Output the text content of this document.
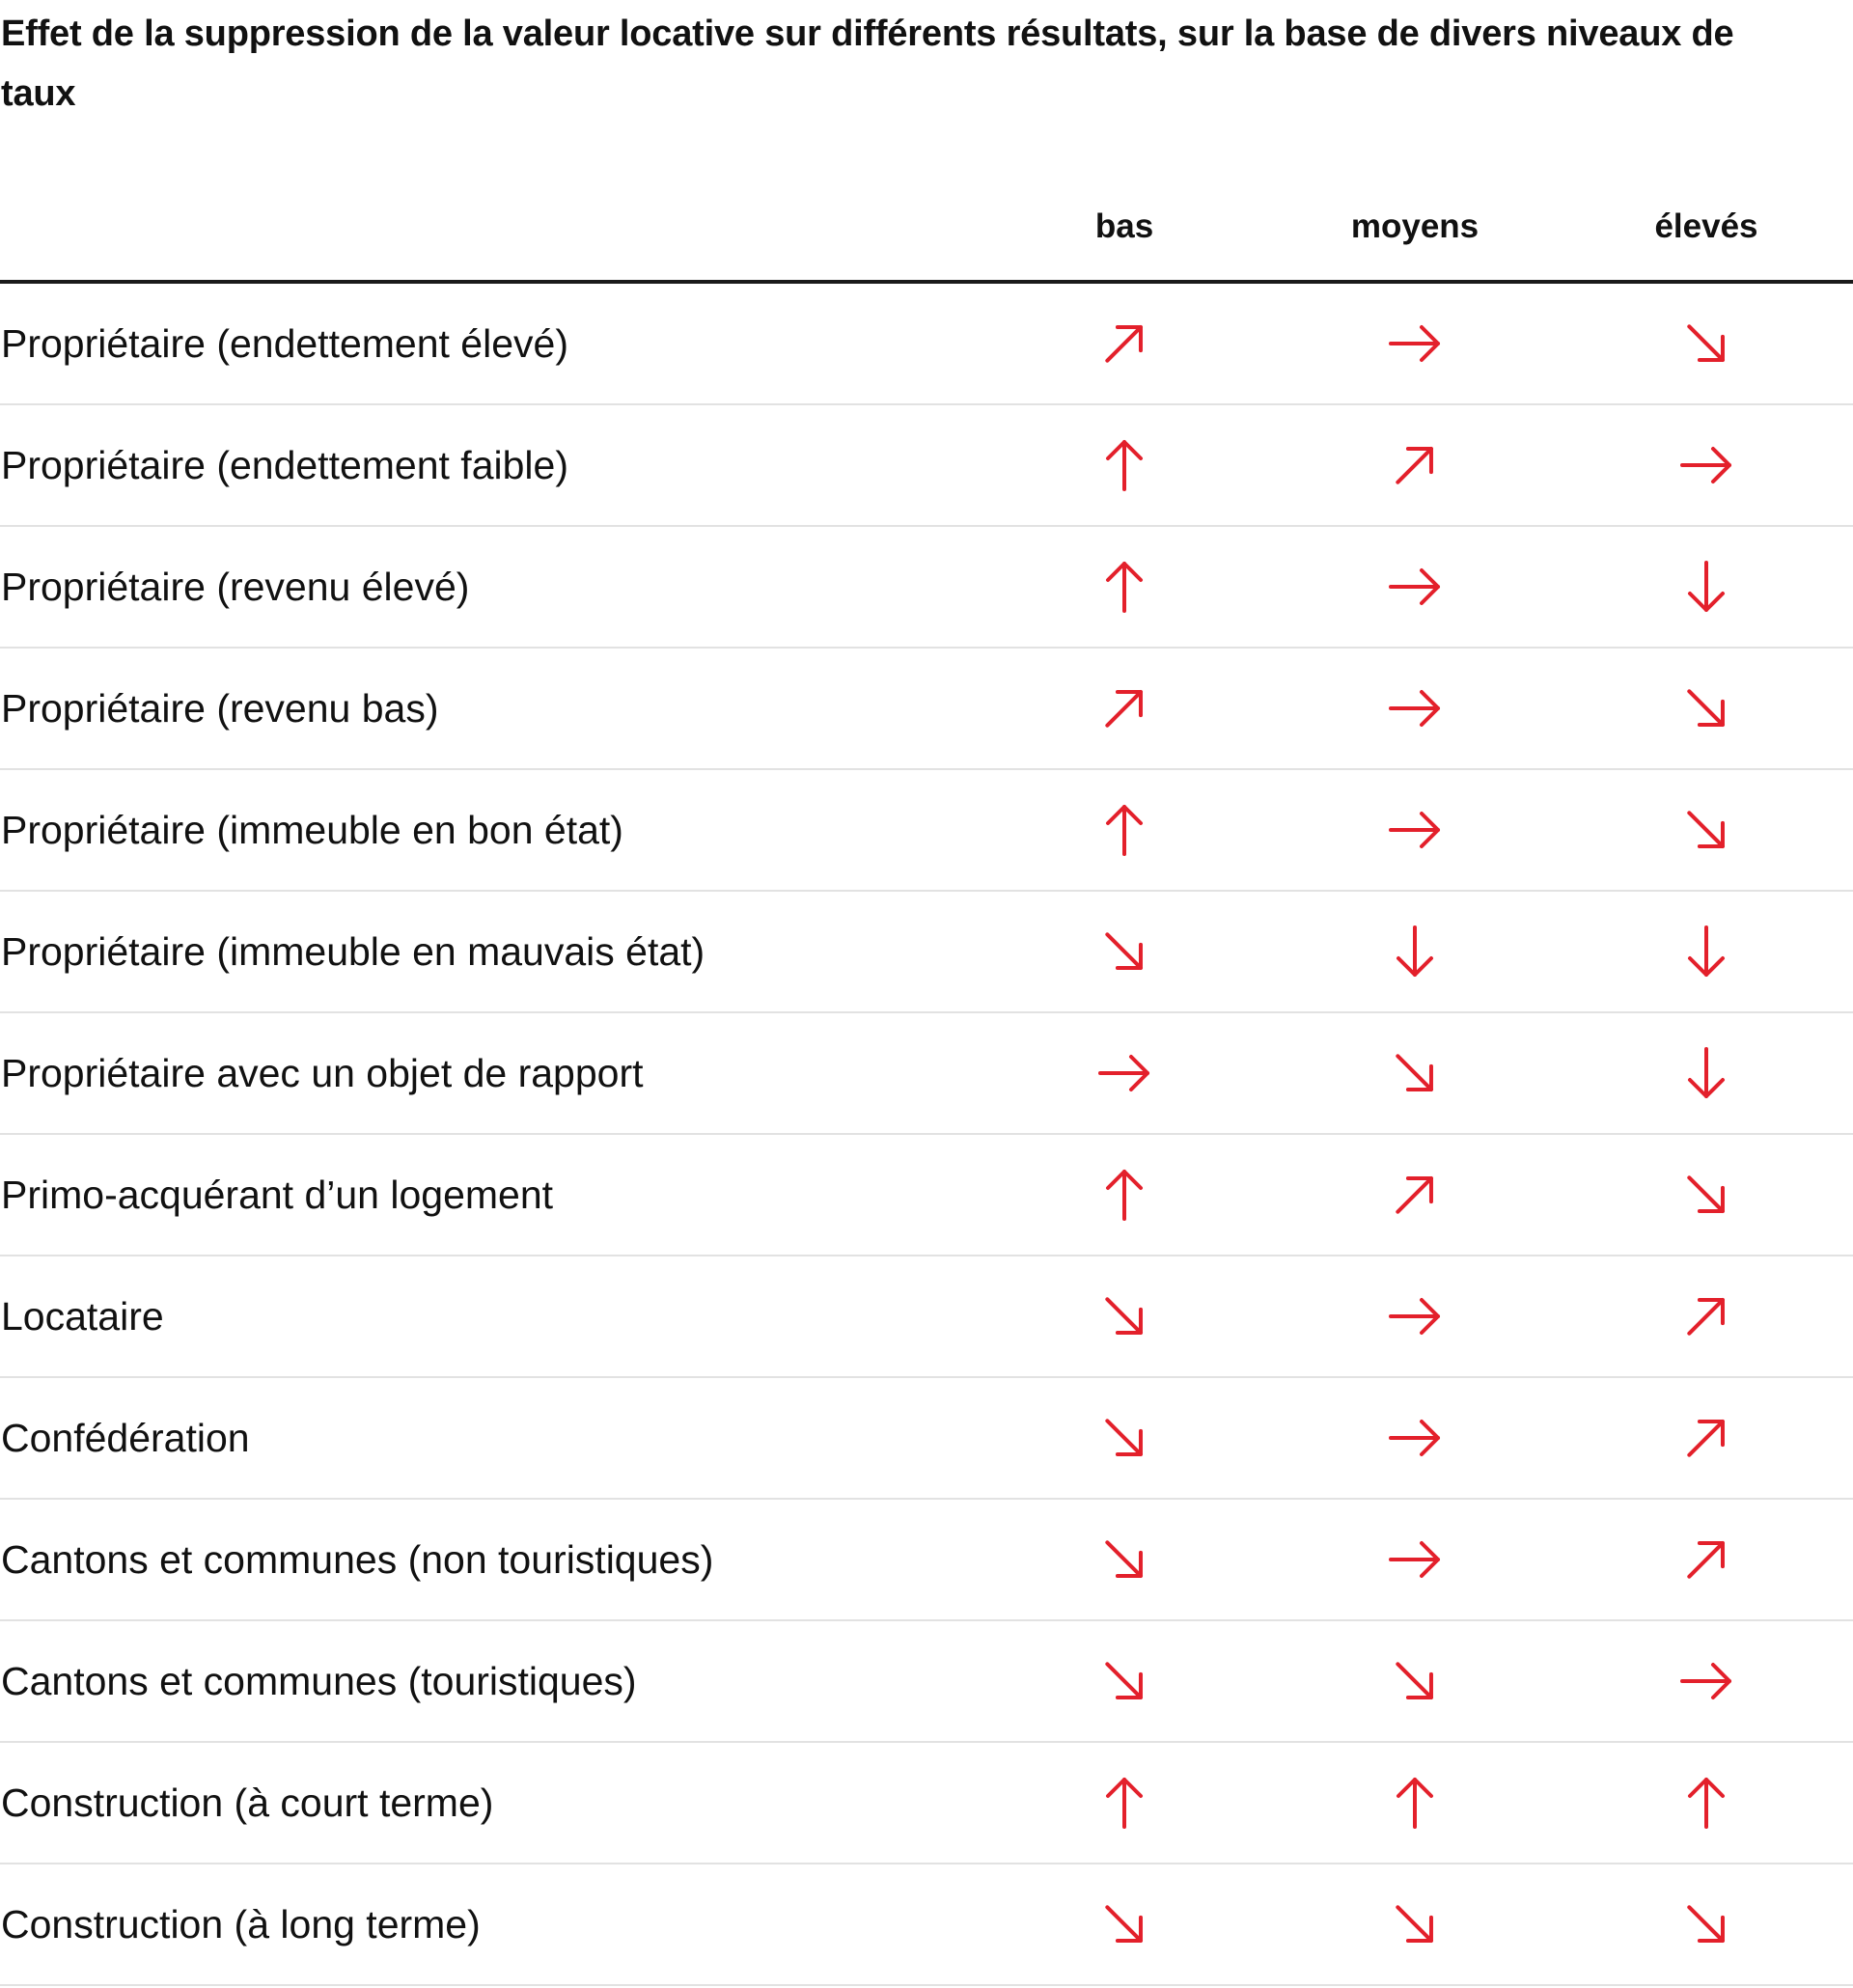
Effet de la suppression de la valeur locative sur différents résultats, sur la base de divers niveaux de taux
bas	moyens	élevés
Propriétaire (endettement élevé)
Propriétaire (endettement faible)
Propriétaire (revenu élevé)
Propriétaire (revenu bas)
Propriétaire (immeuble en bon état)
Propriétaire (immeuble en mauvais état)
Propriétaire avec un objet de rapport
Primo-acquérant d’un logement
Locataire
Confédération
Cantons et communes (non touristiques)
Cantons et communes (touristiques)
Construction (à court terme)
Construction (à long terme)
